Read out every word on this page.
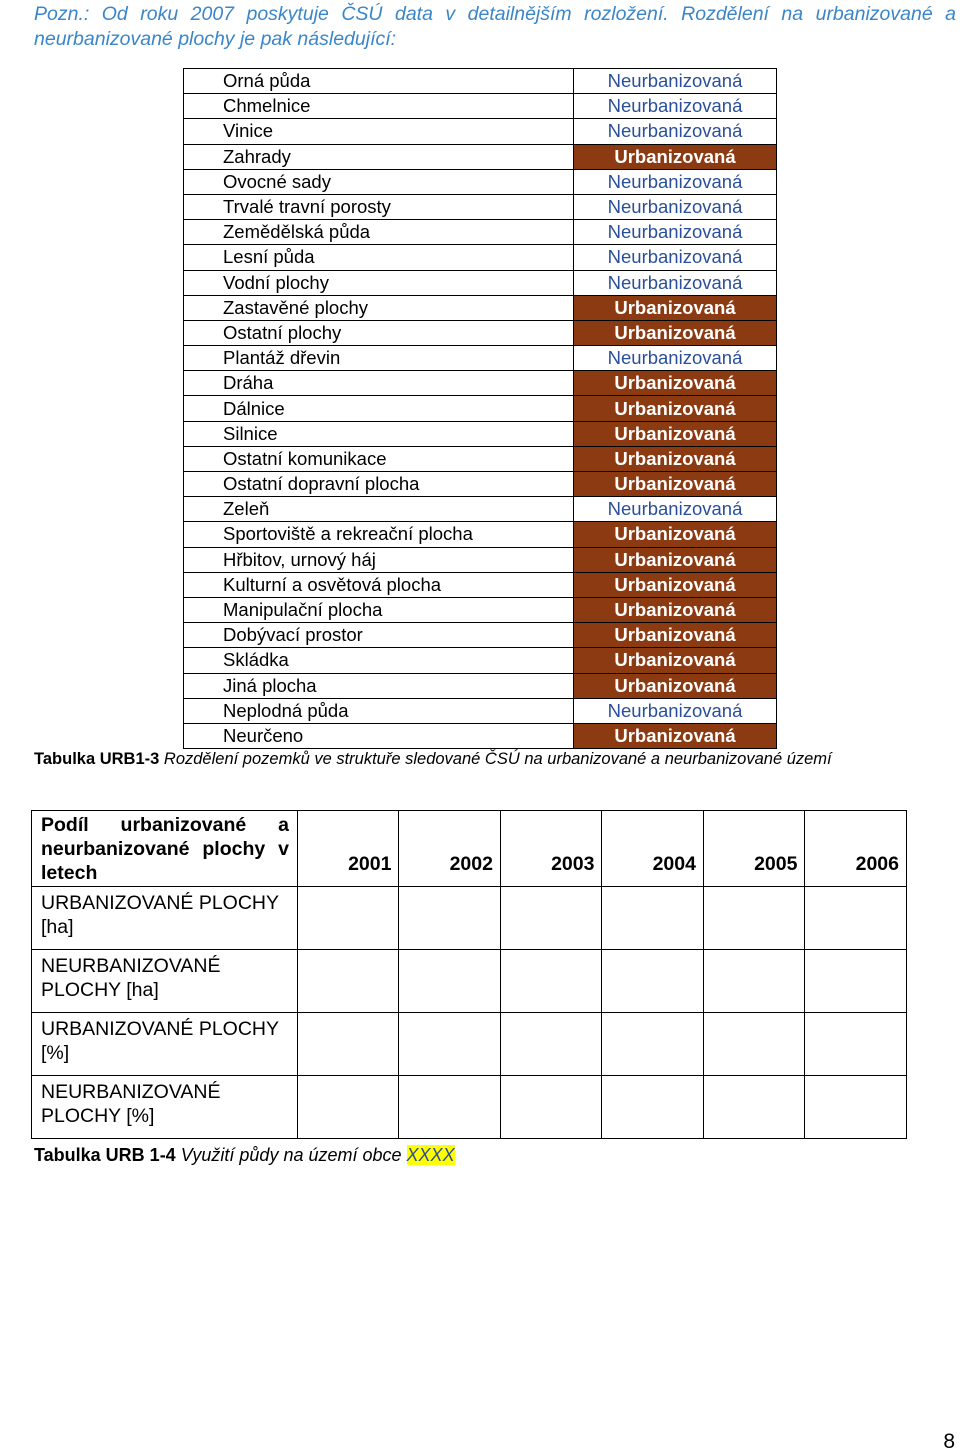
Pozn.: Od roku 2007 poskytuje ČSÚ data v detailnějším rozložení. Rozdělení na urbanizované a neurbanizované plochy je pak následující:
Orná půda	Neurbanizovaná
Chmelnice	Neurbanizovaná
Vinice	Neurbanizovaná
Zahrady	Urbanizovaná
Ovocné sady	Neurbanizovaná
Trvalé travní porosty	Neurbanizovaná
Zemědělská půda	Neurbanizovaná
Lesní půda	Neurbanizovaná
Vodní plochy	Neurbanizovaná
Zastavěné plochy	Urbanizovaná
Ostatní plochy	Urbanizovaná
Plantáž dřevin	Neurbanizovaná
Dráha	Urbanizovaná
Dálnice	Urbanizovaná
Silnice	Urbanizovaná
Ostatní komunikace	Urbanizovaná
Ostatní dopravní plocha	Urbanizovaná
Zeleň	Neurbanizovaná
Sportoviště a rekreační plocha	Urbanizovaná
Hřbitov, urnový háj	Urbanizovaná
Kulturní a osvětová plocha	Urbanizovaná
Manipulační plocha	Urbanizovaná
Dobývací prostor	Urbanizovaná
Skládka	Urbanizovaná
Jiná plocha	Urbanizovaná
Neplodná půda	Neurbanizovaná
Neurčeno	Urbanizovaná
Tabulka URB1-3 Rozdělení pozemků ve struktuře sledované ČSÚ na urbanizované a neurbanizované území
Podíl urbanizované a neurbanizované plochy v letech	2001	2002	2003	2004	2005	2006
URBANIZOVANÉ PLOCHY [ha]						
NEURBANIZOVANÉ PLOCHY [ha]						
URBANIZOVANÉ PLOCHY [%]						
NEURBANIZOVANÉ PLOCHY [%]						
Tabulka URB 1-4 Využití půdy na území obce XXXX
8
